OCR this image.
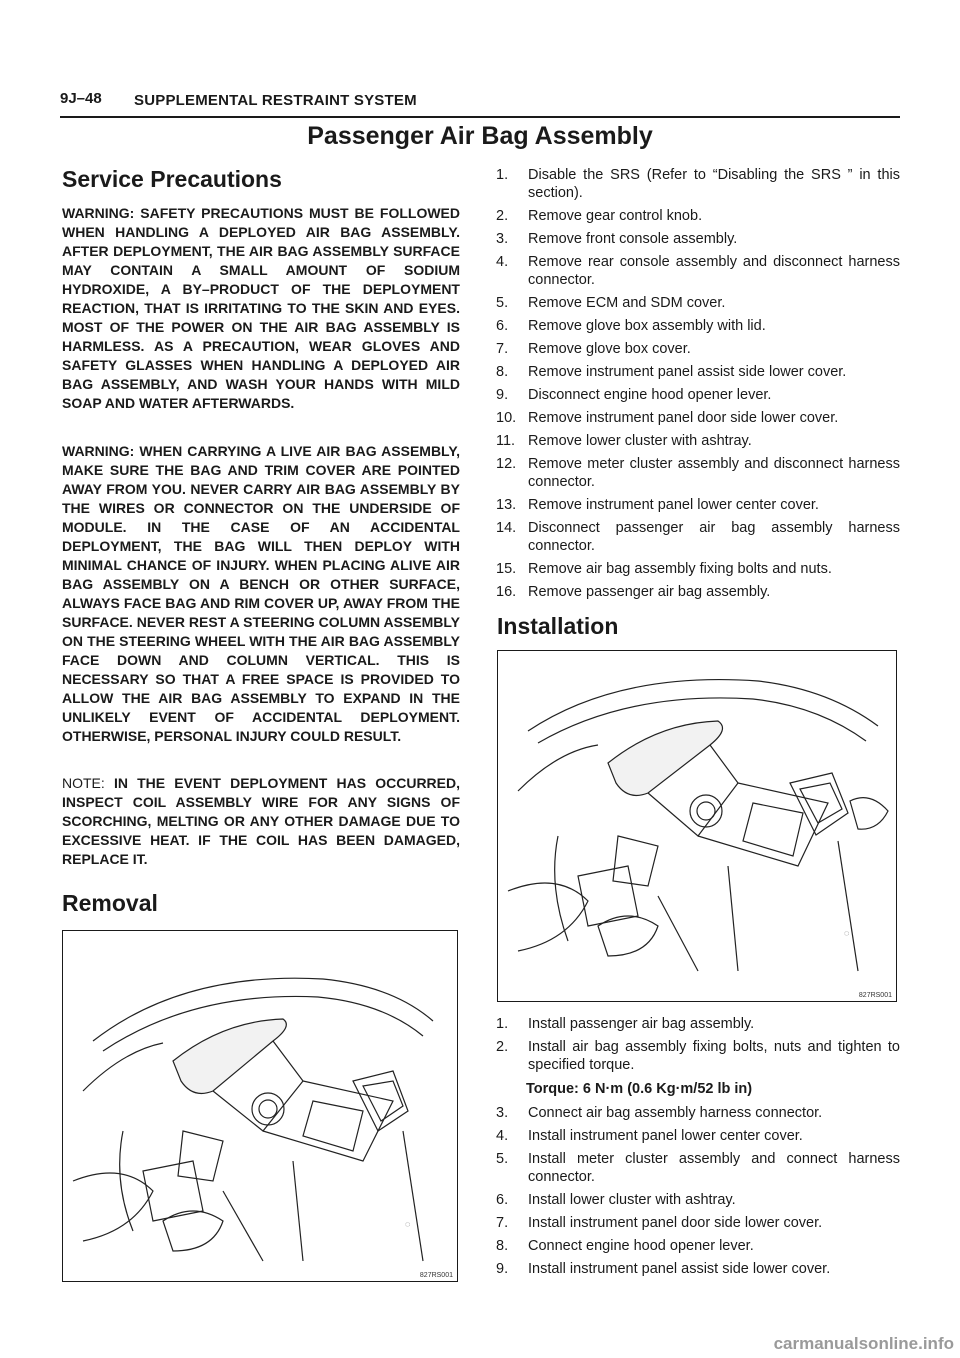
9J–48 SUPPLEMENTAL RESTRAINT SYSTEM
Passenger Air Bag Assembly
Service Precautions
WARNING: SAFETY PRECAUTIONS MUST BE FOLLOWED WHEN HANDLING A DEPLOYED AIR BAG ASSEMBLY. AFTER DEPLOYMENT, THE AIR BAG ASSEMBLY SURFACE MAY CONTAIN A SMALL AMOUNT OF SODIUM HYDROXIDE, A BY–PRODUCT OF THE DEPLOYMENT REACTION, THAT IS IRRITATING TO THE SKIN AND EYES. MOST OF THE POWER ON THE AIR BAG ASSEMBLY IS HARMLESS. AS A PRECAUTION, WEAR GLOVES AND SAFETY GLASSES WHEN HANDLING A DEPLOYED AIR BAG ASSEMBLY, AND WASH YOUR HANDS WITH MILD SOAP AND WATER AFTERWARDS.
WARNING: WHEN CARRYING A LIVE AIR BAG ASSEMBLY, MAKE SURE THE BAG AND TRIM COVER ARE POINTED AWAY FROM YOU. NEVER CARRY AIR BAG ASSEMBLY BY THE WIRES OR CONNECTOR ON THE UNDERSIDE OF MODULE. IN THE CASE OF AN ACCIDENTAL DEPLOYMENT, THE BAG WILL THEN DEPLOY WITH MINIMAL CHANCE OF INJURY. WHEN PLACING ALIVE AIR BAG ASSEMBLY ON A BENCH OR OTHER SURFACE, ALWAYS FACE BAG AND RIM COVER UP, AWAY FROM THE SURFACE. NEVER REST A STEERING COLUMN ASSEMBLY ON THE STEERING WHEEL WITH THE AIR BAG ASSEMBLY FACE DOWN AND COLUMN VERTICAL. THIS IS NECESSARY SO THAT A FREE SPACE IS PROVIDED TO ALLOW THE AIR BAG ASSEMBLY TO EXPAND IN THE UNLIKELY EVENT OF ACCIDENTAL DEPLOYMENT. OTHERWISE, PERSONAL INJURY COULD RESULT.
NOTE: IN THE EVENT DEPLOYMENT HAS OCCURRED, INSPECT COIL ASSEMBLY WIRE FOR ANY SIGNS OF SCORCHING, MELTING OR ANY OTHER DAMAGE DUE TO EXCESSIVE HEAT. IF THE COIL HAS BEEN DAMAGED, REPLACE IT.
Removal
◌
827RS001
1.	Disable the SRS (Refer to “Disabling the SRS ” in this section).
2.	Remove gear control knob.
3.	Remove front console assembly.
4.	Remove rear console assembly and disconnect harness connector.
5.	Remove ECM and SDM cover.
6.	Remove glove box assembly with lid.
7.	Remove glove box cover.
8.	Remove instrument panel assist side lower cover.
9.	Disconnect engine hood opener lever.
10. Remove instrument panel door side lower cover.
11. Remove lower cluster with ashtray.
12. Remove meter cluster assembly and disconnect harness connector.
13. Remove instrument panel lower center cover.
14. Disconnect passenger air bag assembly harness connector.
15. Remove air bag assembly fixing bolts and nuts.
16. Remove passenger air bag assembly.
Installation
◌
827RS001
1.	Install passenger air bag assembly.
2.	Install air bag assembly fixing bolts, nuts and tighten to specified torque.
Torque: 6 N·m (0.6 Kg·m/52 lb in)
3.	Connect air bag assembly harness connector.
4.	Install instrument panel lower center cover.
5.	Install meter cluster assembly and connect harness connector.
6.	Install lower cluster with ashtray.
7.	Install instrument panel door side lower cover.
8.	Connect engine hood opener lever.
9.	Install instrument panel assist side lower cover.
carmanualsonline.info
